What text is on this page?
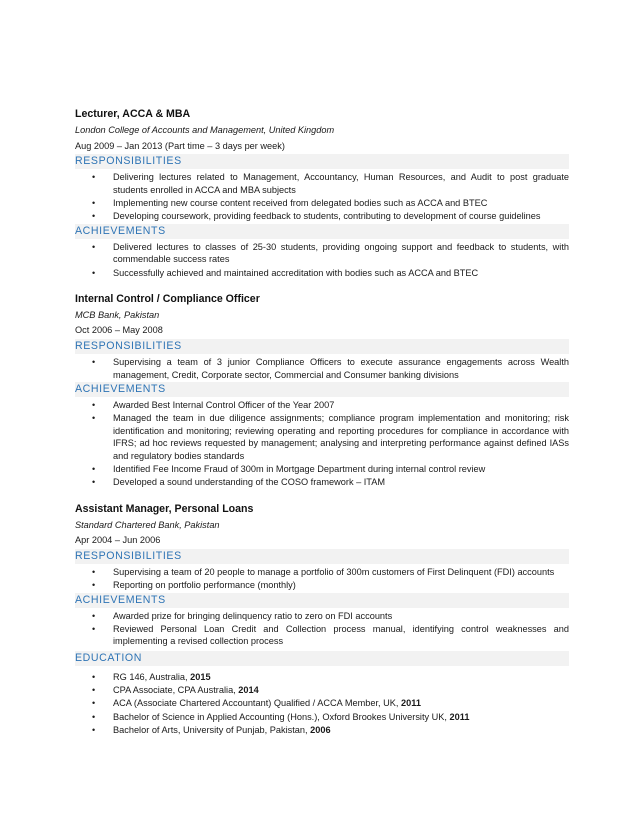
Lecturer, ACCA & MBA
London College of Accounts and Management, United Kingdom
Aug 2009 – Jan 2013 (Part time – 3 days per week)
RESPONSIBILITIES
• Delivering lectures related to Management, Accountancy, Human Resources, and Audit to post graduate students enrolled in ACCA and MBA subjects
• Implementing new course content received from delegated bodies such as ACCA and BTEC
• Developing coursework, providing feedback to students, contributing to development of course guidelines
ACHIEVEMENTS
• Delivered lectures to classes of 25-30 students, providing ongoing support and feedback to students, with commendable success rates
• Successfully achieved and maintained accreditation with bodies such as ACCA and BTEC
Internal Control / Compliance Officer
MCB Bank, Pakistan
Oct 2006 – May 2008
RESPONSIBILITIES
• Supervising a team of 3 junior Compliance Officers to execute assurance engagements across Wealth management, Credit, Corporate sector, Commercial and Consumer banking divisions
ACHIEVEMENTS
• Awarded Best Internal Control Officer of the Year 2007
• Managed the team in due diligence assignments; compliance program implementation and monitoring; risk identification and monitoring; reviewing operating and reporting procedures for compliance in accordance with IFRS; ad hoc reviews requested by management; analysing and interpreting performance against defined IASs and regulatory bodies standards
• Identified Fee Income Fraud of 300m in Mortgage Department during internal control review
• Developed a sound understanding of the COSO framework – ITAM
Assistant Manager, Personal Loans
Standard Chartered Bank, Pakistan
Apr 2004 – Jun 2006
RESPONSIBILITIES
• Supervising a team of 20 people to manage a portfolio of 300m customers of First Delinquent (FDI) accounts
• Reporting on portfolio performance (monthly)
ACHIEVEMENTS
• Awarded prize for bringing delinquency ratio to zero on FDI accounts
• Reviewed Personal Loan Credit and Collection process manual, identifying control weaknesses and implementing a revised collection process
EDUCATION
• RG 146, Australia, 2015
• CPA Associate, CPA Australia, 2014
• ACA (Associate Chartered Accountant) Qualified / ACCA Member, UK, 2011
• Bachelor of Science in Applied Accounting (Hons.), Oxford Brookes University UK, 2011
• Bachelor of Arts, University of Punjab, Pakistan, 2006
